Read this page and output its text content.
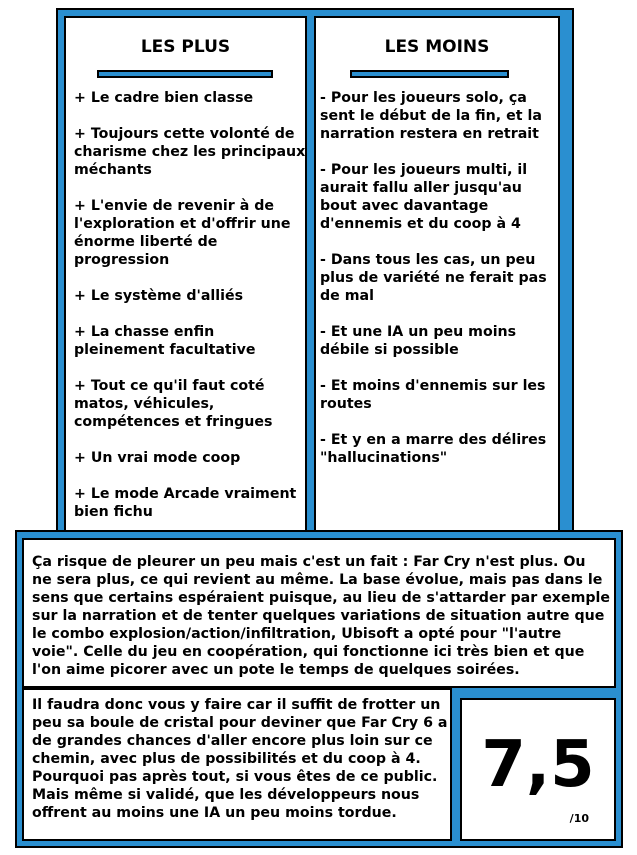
LES PLUS
+ Le cadre bien classe
+ Toujours cette volonté de charisme chez les principaux méchants
+ L'envie de revenir à de l'exploration et d'offrir une énorme liberté de progression
+ Le système d'alliés
+ La chasse enfin pleinement facultative
+ Tout ce qu'il faut coté matos, véhicules, compétences et fringues
+ Un vrai mode coop
+ Le mode Arcade vraiment bien fichu
LES MOINS
- Pour les joueurs solo, ça sent le début de la fin, et la narration restera en retrait
- Pour les joueurs multi, il aurait fallu aller jusqu'au bout avec davantage d'ennemis et du coop à 4
- Dans tous les cas, un peu plus de variété ne ferait pas de mal
- Et une IA un peu moins débile si possible
- Et moins d'ennemis sur les routes
- Et y en a marre des délires "hallucinations"

Ça risque de pleurer un peu mais c'est un fait : Far Cry n'est plus. Ou ne sera plus, ce qui revient au même. La base évolue, mais pas dans le sens que certains espéraient puisque, au lieu de s'attarder par exemple sur la narration et de tenter quelques variations de situation autre que le combo explosion/action/infiltration, Ubisoft a opté pour "l'autre voie". Celle du jeu en coopération, qui fonctionne ici très bien et que l'on aime picorer avec un pote le temps de quelques soirées.

Il faudra donc vous y faire car il suffit de frotter un peu sa boule de cristal pour deviner que Far Cry 6 a de grandes chances d'aller encore plus loin sur ce chemin, avec plus de possibilités et du coop à 4. Pourquoi pas après tout, si vous êtes de ce public. Mais même si validé, que les développeurs nous offrent au moins une IA un peu moins tordue.

7,5
/10
